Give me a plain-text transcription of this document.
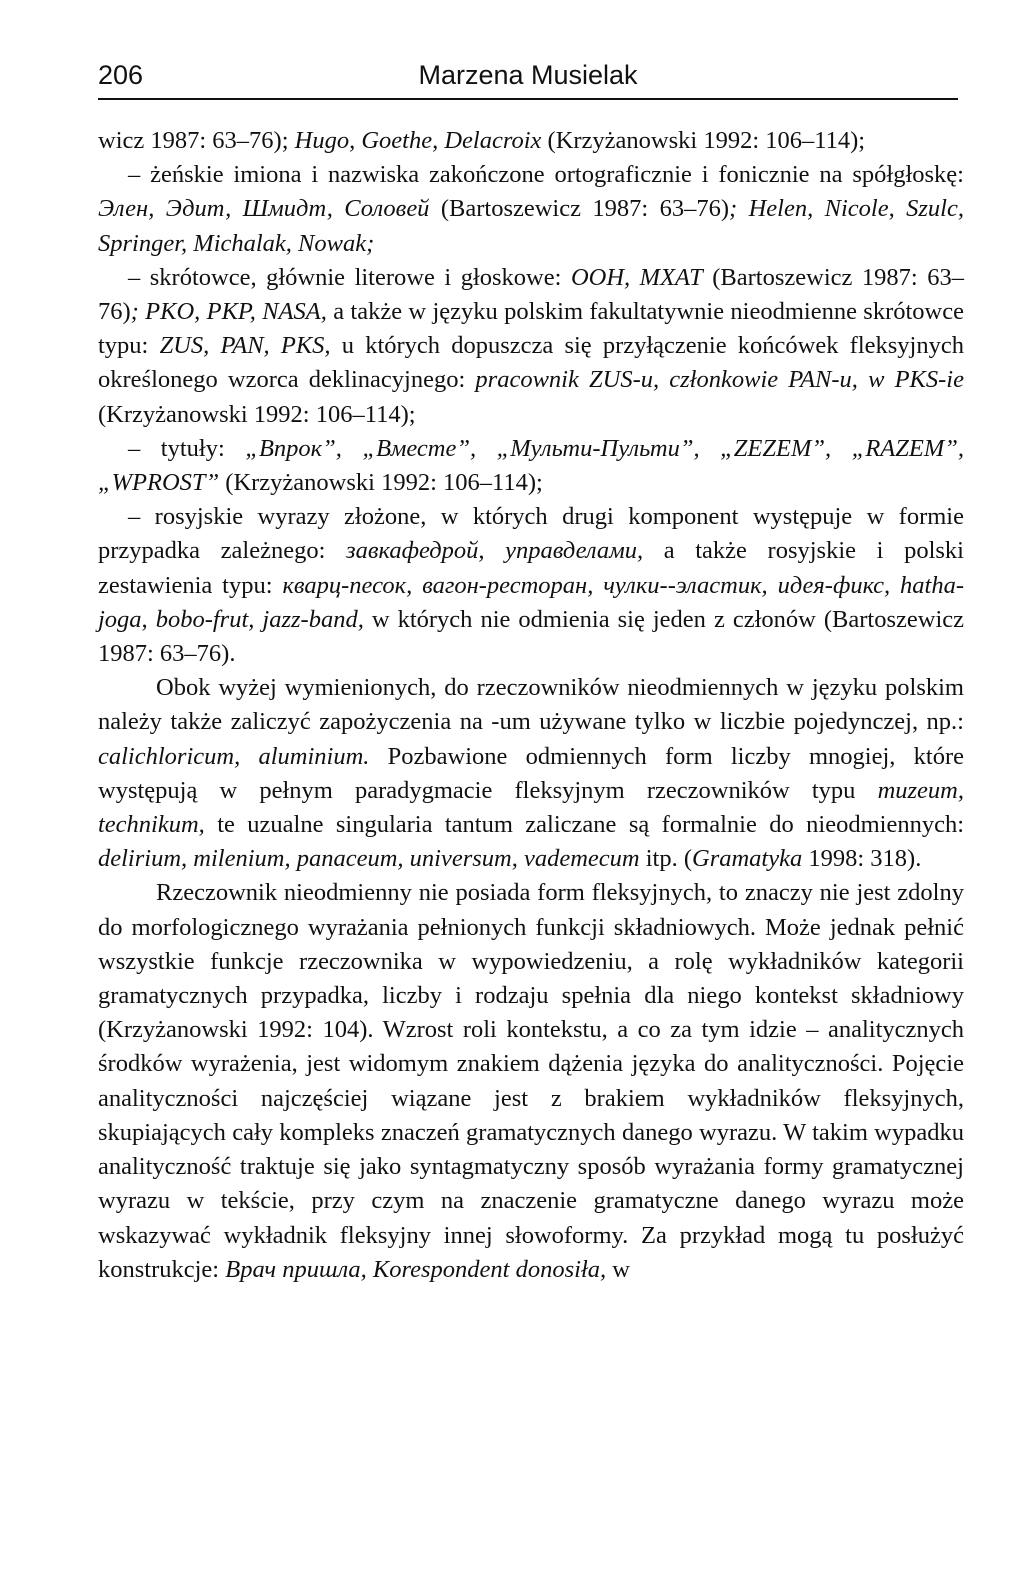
206	Marzena Musielak

wicz 1987: 63–76); Hugo, Goethe, Delacroix (Krzyżanowski 1992: 106–114);

– żeńskie imiona i nazwiska zakończone ortograficznie i fonicznie na spółgłoskę: Элен, Эдит, Шмидт, Соловей (Bartoszewicz 1987: 63–76); Helen, Nicole, Szulc, Springer, Michalak, Nowak;

– skrótowce, głównie literowe i głoskowe: OOH, MXAT (Bartoszewicz 1987: 63–76); PKO, PKP, NASA, a także w języku polskim fakultatywnie nieodmienne skrótowce typu: ZUS, PAN, PKS, u których dopuszcza się przyłączenie końcówek fleksyjnych określonego wzorca deklinacyjnego: pracownik ZUS-u, członkowie PAN-u, w PKS-ie (Krzyżanowski 1992: 106–114);

– tytuły: „Впрок”, „Вместе”, „Мульти-Пульти”, „ZEZEM”, „RAZEM”, „WPROST” (Krzyżanowski 1992: 106–114);

– rosyjskie wyrazy złożone, w których drugi komponent występuje w formie przypadka zależnego: завкафедрой, управделами, a także rosyjskie i polski zestawienia typu: кварц-песок, вагон-ресторан, чулки--эластик, идея-фикс, hatha-joga, bobo-frut, jazz-band, w których nie odmienia się jeden z członów (Bartoszewicz 1987: 63–76).

Obok wyżej wymienionych, do rzeczowników nieodmiennych w języku polskim należy także zaliczyć zapożyczenia na -um używane tylko w liczbie pojedynczej, np.: calichloricum, aluminium. Pozbawione odmiennych form liczby mnogiej, które występują w pełnym paradygmacie fleksyjnym rzeczowników typu muzeum, technikum, te uzualne singularia tantum zaliczane są formalnie do nieodmiennych: delirium, milenium, panaceum, universum, vademecum itp. (Gramatyka 1998: 318).

Rzeczownik nieodmienny nie posiada form fleksyjnych, to znaczy nie jest zdolny do morfologicznego wyrażania pełnionych funkcji składniowych. Może jednak pełnić wszystkie funkcje rzeczownika w wypowiedzeniu, a rolę wykładników kategorii gramatycznych przypadka, liczby i rodzaju spełnia dla niego kontekst składniowy (Krzyżanowski 1992: 104). Wzrost roli kontekstu, a co za tym idzie – analitycznych środków wyrażenia, jest widomym znakiem dążenia języka do analityczności. Pojęcie analityczności najczęściej wiązane jest z brakiem wykładników fleksyjnych, skupiających cały kompleks znaczeń gramatycznych danego wyrazu. W takim wypadku analityczność traktuje się jako syntagmatyczny sposób wyrażania formy gramatycznej wyrazu w tekście, przy czym na znaczenie gramatyczne danego wyrazu może wskazywać wykładnik fleksyjny innej słowoformy. Za przykład mogą tu posłużyć konstrukcje: Врач пришла, Korespondent donosiła, w
